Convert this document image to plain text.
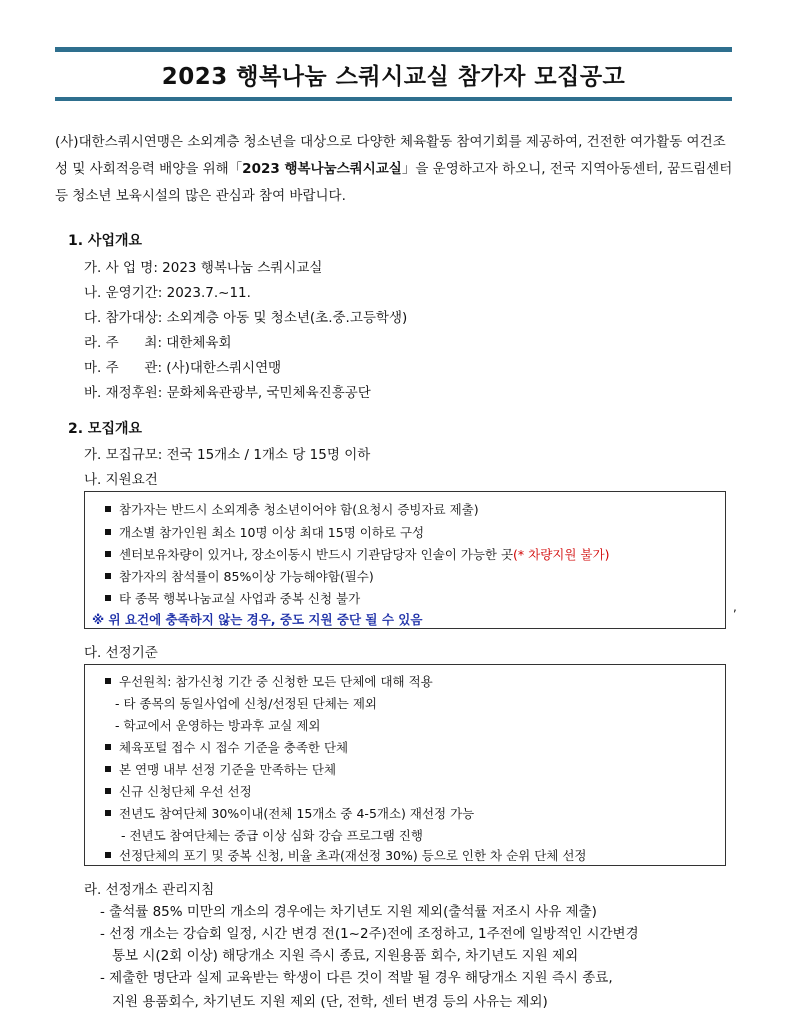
2023 행복나눔 스쿼시교실 참가자 모집공고
(사)대한스쿼시연맹은 소외계층 청소년을 대상으로 다양한 체육활동 참여기회를 제공하여, 건전한 여가활동 여건조성 및 사회적응력 배양을 위해「2023 행복나눔스쿼시교실」을 운영하고자 하오니, 전국 지역아동센터, 꿈드림센터 등 청소년 보육시설의 많은 관심과 참여 바랍니다.
1. 사업개요
가. 사 업 명: 2023 행복나눔 스쿼시교실
나. 운영기간: 2023.7.~11.
다. 참가대상: 소외계층 아동 및 청소년(초.중.고등학생)
라. 주      최: 대한체육회
마. 주      관: (사)대한스쿼시연맹
바. 재정후원: 문화체육관광부, 국민체육진흥공단
2. 모집개요
가. 모집규모: 전국 15개소 / 1개소 당 15명 이하
나. 지원요건
참가자는 반드시 소외계층 청소년이어야 함(요청시 증빙자료 제출)
개소별 참가인원 최소 10명 이상 최대 15명 이하로 구성
센터보유차량이 있거나, 장소이동시 반드시 기관담당자 인솔이 가능한 곳(* 차량지원 불가)
참가자의 참석률이 85%이상 가능해야함(필수)
타 종목 행복나눔교실 사업과 중복 신청 불가
※ 위 요건에 충족하지 않는 경우, 중도 지원 중단 될 수 있음
,
다. 선정기준
우선원칙: 참가신청 기간 중 신청한 모든 단체에 대해 적용
- 타 종목의 동일사업에 신청/선정된 단체는 제외
- 학교에서 운영하는 방과후 교실 제외
체육포털 접수 시 접수 기준을 충족한 단체
본 연맹 내부 선정 기준을 만족하는 단체
신규 신청단체 우선 선정
전년도 참여단체 30%이내(전체 15개소 중 4-5개소) 재선정 가능
- 전년도 참여단체는 중급 이상 심화 강습 프로그램 진행
선정단체의 포기 및 중복 신청, 비율 초과(재선정 30%) 등으로 인한 차 순위 단체 선정
라. 선정개소 관리지침
- 출석률 85% 미만의 개소의 경우에는 차기년도 지원 제외(출석률 저조시 사유 제출)
- 선정 개소는 강습회 일정, 시간 변경 전(1~2주)전에 조정하고, 1주전에 일방적인 시간변경
통보 시(2회 이상) 해당개소 지원 즉시 종료, 지원용품 회수, 차기년도 지원 제외
- 제출한 명단과 실제 교육받는 학생이 다른 것이 적발 될 경우 해당개소 지원 즉시 종료,
지원 용품회수, 차기년도 지원 제외 (단, 전학, 센터 변경 등의 사유는 제외)
